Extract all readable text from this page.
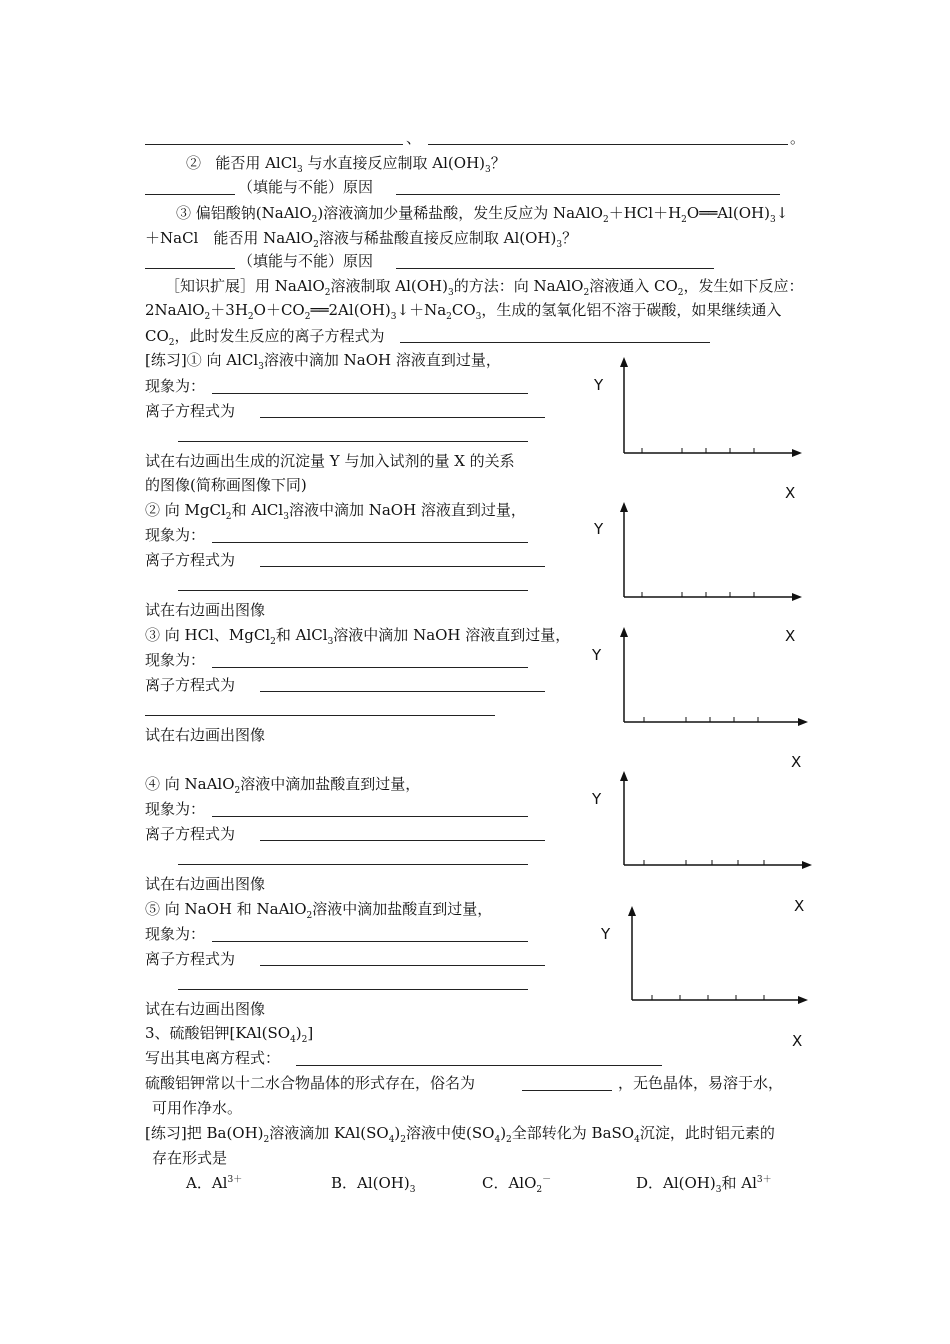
、	。
② 能否用 AlCl$_3$ 与水直接反应制取 $Al(OH)_3$？
（填能与不能）原因
③ 偏铝酸钠(NaAlO$_2$)溶液滴加少量稀盐酸，发生反应为 $NaAlO_2+HCl+H_2O══Al(OH)_3↓$
＋NaCl　能否用 NaAlO$_2$溶液与稀盐酸直接反应制取 $Al(OH)_3$？
（填能与不能）原因
［知识扩展］用 NaAlO$_2$溶液制取 $Al(OH)_3$的方法：向 NaAlO$_2$溶液通入 $CO_2$，发生如下反应：
$2NaAlO_2+3H_2O+CO_2══2Al(OH)_3↓+Na_2CO_3$，生成的氢氧化铝不溶于碳酸，如果继续通入
$CO_2$，此时发生反应的离子方程式为
[练习]① 向 AlCl$_3$溶液中滴加 NaOH 溶液直到过量，
现象为：
离子方程式为
试在右边画出生成的沉淀量 Y 与加入试剂的量 X 的关系
的图像(简称画图像下同)
② 向 MgCl$_2$和 AlCl$_3$溶液中滴加 NaOH 溶液直到过量，
现象为：
离子方程式为
试在右边画出图像
③ 向 HCl、MgCl$_2$和 AlCl$_3$溶液中滴加 NaOH 溶液直到过量，
现象为：
离子方程式为
试在右边画出图像
④ 向 NaAlO$_2$溶液中滴加盐酸直到过量，
现象为：
离子方程式为
试在右边画出图像
⑤ 向 NaOH 和 NaAlO$_2$溶液中滴加盐酸直到过量，
现象为：
离子方程式为
试在右边画出图像
3、硫酸铝钾$[KAl(SO_4)_2]$
写出其电离方程式：
硫酸铝钾常以十二水合物晶体的形式存在，俗名为	，无色晶体，易溶于水，
可用作净水。
[练习]把 $Ba(OH)_2$溶液滴加 $KAl(SO_4)_2$溶液中使$(SO_4)_2$全部转化为 BaSO$_4$沉淀，此时铝元素的
存在形式是
A．$Al^{3+}$	B．$Al(OH)_3$	C．AlO$_2$－	D．$Al(OH)_3$和 $Al^{3+}$
Y
X
Y
X
Y
X
Y
X
Y
X
